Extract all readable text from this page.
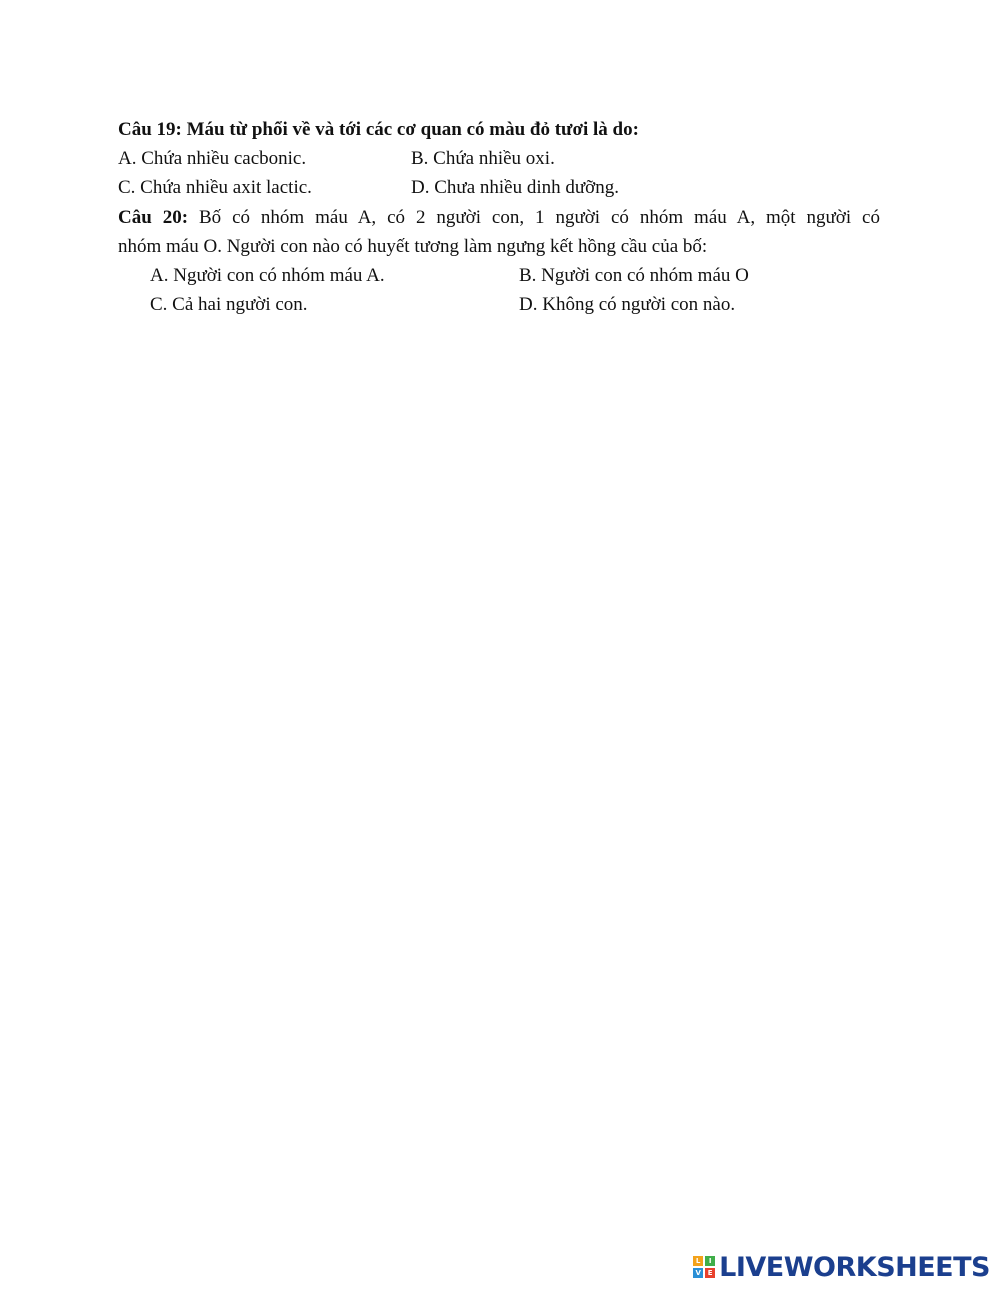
Câu 19: Máu từ phổi về và tới các cơ quan có màu đỏ tươi là do:
A. Chứa nhiều cacbonic.	B. Chứa nhiều oxi.
C. Chứa nhiều axit lactic.	D. Chưa nhiều dinh dưỡng.
Câu 20: Bố có nhóm máu A, có 2 người con, 1 người có nhóm máu A, một người có
nhóm máu O. Người con nào có huyết tương làm ngưng kết hồng cầu của bố:
A. Người con có nhóm máu A.	B. Người con có nhóm máu O
C. Cả hai người con.	D. Không có người con nào.
L	I
V E LIVEWORKSHEETS
